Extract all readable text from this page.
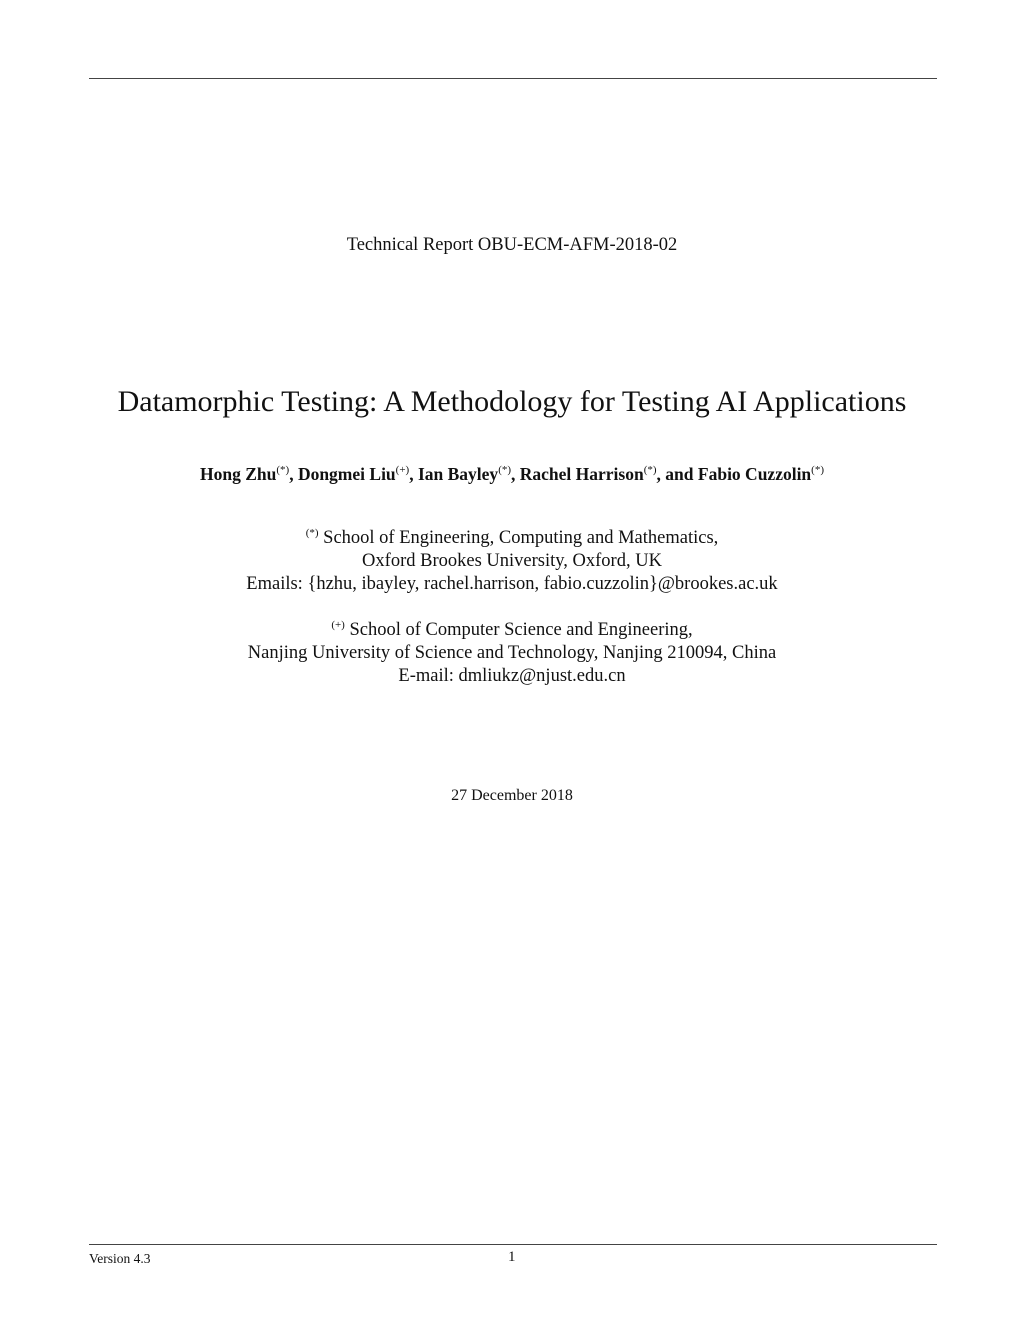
Technical Report OBU-ECM-AFM-2018-02
Datamorphic Testing: A Methodology for Testing AI Applications
Hong Zhu(*), Dongmei Liu(+), Ian Bayley(*), Rachel Harrison(*), and Fabio Cuzzolin(*)
(*) School of Engineering, Computing and Mathematics,
Oxford Brookes University, Oxford, UK
Emails: {hzhu, ibayley, rachel.harrison, fabio.cuzzolin}@brookes.ac.uk
(+) School of Computer Science and Engineering,
Nanjing University of Science and Technology, Nanjing 210094, China
E-mail: dmliukz@njust.edu.cn
27 December 2018
Version 4.3	1
